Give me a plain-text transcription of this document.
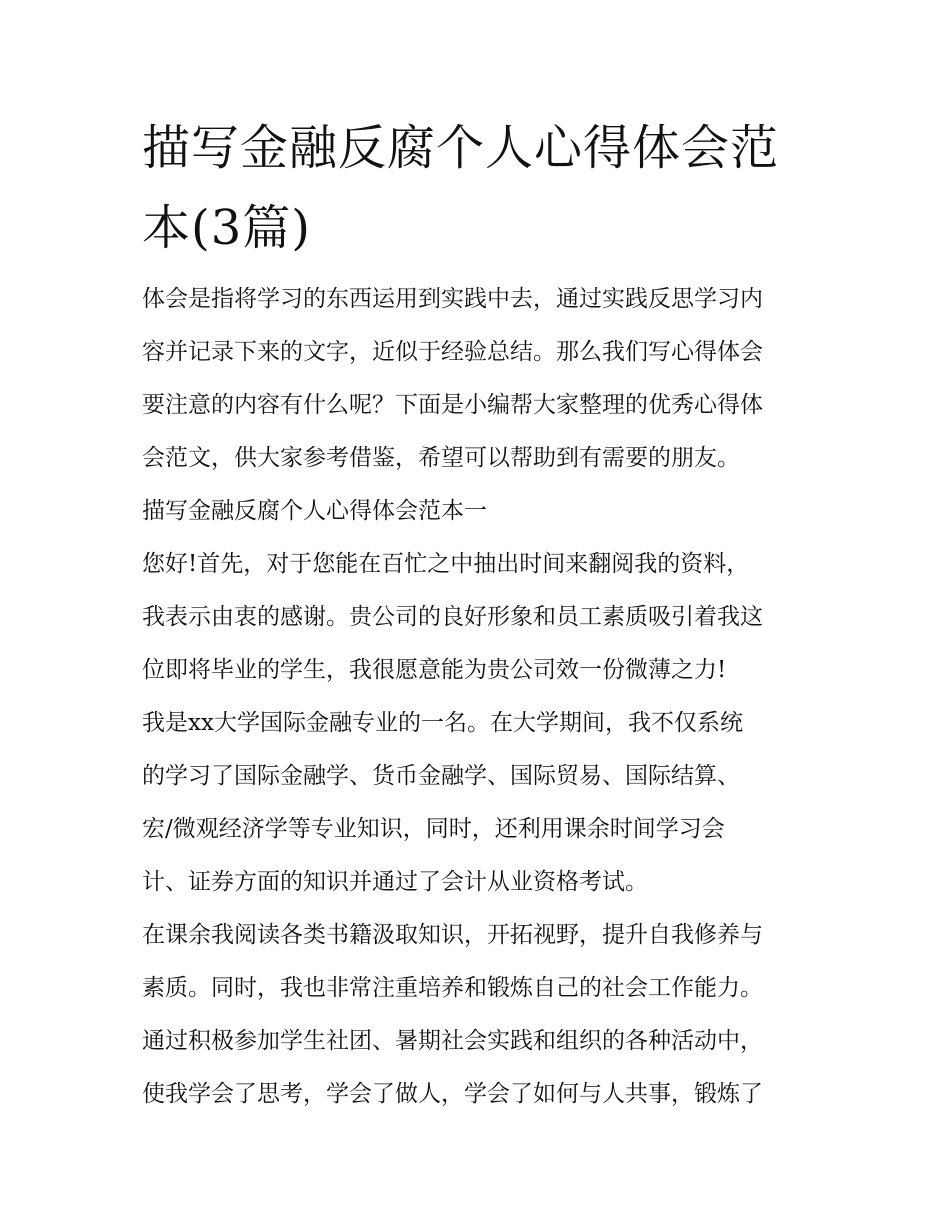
描写金融反腐个人心得体会范
本(3篇)
体会是指将学习的东西运用到实践中去，通过实践反思学习内
容并记录下来的文字，近似于经验总结。那么我们写心得体会
要注意的内容有什么呢？下面是小编帮大家整理的优秀心得体
会范文，供大家参考借鉴，希望可以帮助到有需要的朋友。
描写金融反腐个人心得体会范本一
您好!首先，对于您能在百忙之中抽出时间来翻阅我的资料，
我表示由衷的感谢。贵公司的良好形象和员工素质吸引着我这
位即将毕业的学生，我很愿意能为贵公司效一份微薄之力!
我是xx大学国际金融专业的一名。在大学期间，我不仅系统
的学习了国际金融学、货币金融学、国际贸易、国际结算、
宏/微观经济学等专业知识，同时，还利用课余时间学习会
计、证券方面的知识并通过了会计从业资格考试。
在课余我阅读各类书籍汲取知识，开拓视野，提升自我修养与
素质。同时，我也非常注重培养和锻炼自己的社会工作能力。
通过积极参加学生社团、暑期社会实践和组织的各种活动中，
使我学会了思考，学会了做人，学会了如何与人共事，锻炼了
